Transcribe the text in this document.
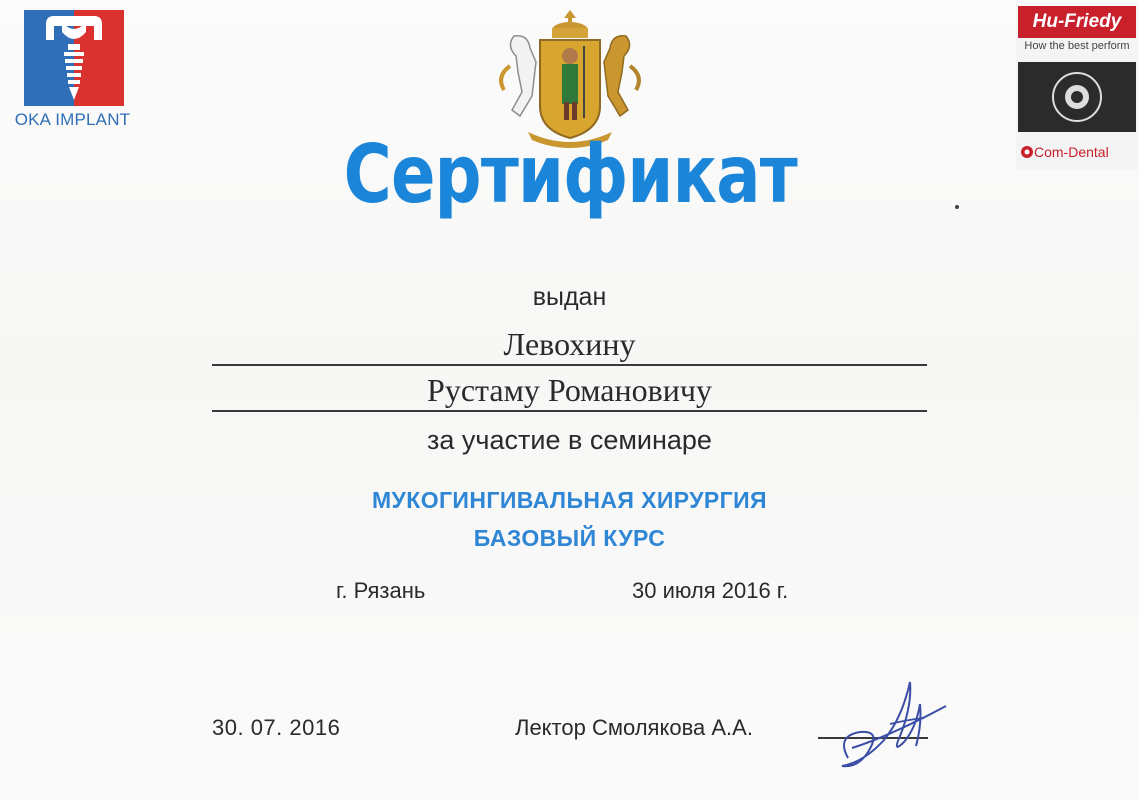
OKA IMPLANT
Hu-Friedy
How the best perform
Com-Dental
Сертификат
выдан
Левохину
Рустаму Романовичу
за участие в семинаре
МУКОГИНГИВАЛЬНАЯ ХИРУРГИЯ
БАЗОВЫЙ КУРС
г. Рязань	30 июля 2016 г.
30. 07. 2016	Лектор Смолякова А.А.
